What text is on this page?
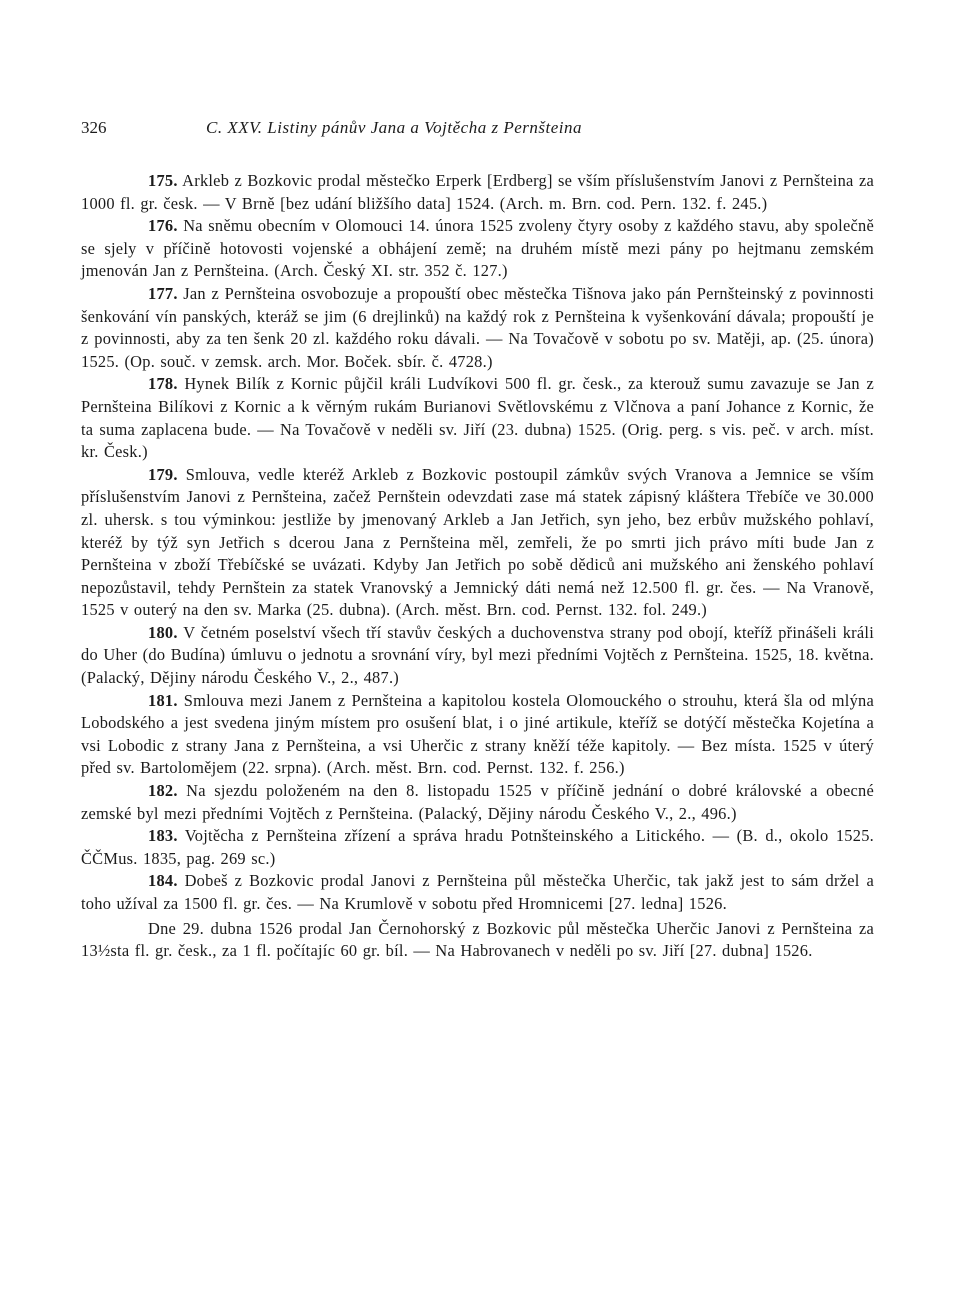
326	C. XXV. Listiny pánův Jana a Vojtěcha z Pernšteina

175. Arkleb z Bozkovic prodal městečko Erperk [Erdberg] se vším příslušenstvím Janovi z Pernšteina za 1000 fl. gr. česk. — V Brně [bez udání bližšího data] 1524. (Arch. m. Brn. cod. Pern. 132. f. 245.)

176. Na sněmu obecním v Olomouci 14. února 1525 zvoleny čtyry osoby z každého stavu, aby společně se sjely v příčině hotovosti vojenské a obhájení země; na druhém místě mezi pány po hejtmanu zemském jmenován Jan z Pernšteina. (Arch. Český XI. str. 352 č. 127.)

177. Jan z Pernšteina osvobozuje a propouští obec městečka Tišnova jako pán Pernšteinský z povinnosti šenkování vín panských, kteráž se jim (6 drejlinků) na každý rok z Pernšteina k vyšenkování dávala; propouští je z povinnosti, aby za ten šenk 20 zl. každého roku dávali. — Na Tovačově v sobotu po sv. Matěji, ap. (25. února) 1525. (Op. souč. v zemsk. arch. Mor. Boček. sbír. č. 4728.)

178. Hynek Bilík z Kornic půjčil králi Ludvíkovi 500 fl. gr. česk., za kterouž sumu zavazuje se Jan z Pernšteina Bilíkovi z Kornic a k věrným rukám Burianovi Světlovskému z Vlčnova a paní Johance z Kornic, že ta suma zaplacena bude. — Na Tovačově v neděli sv. Jiří (23. dubna) 1525. (Orig. perg. s vis. peč. v arch. míst. kr. Česk.)

179. Smlouva, vedle kteréž Arkleb z Bozkovic postoupil zámkův svých Vranova a Jemnice se vším příslušenstvím Janovi z Pernšteina, začež Pernštein odevzdati zase má statek zápisný kláštera Třebíče ve 30.000 zl. uhersk. s tou výminkou: jestliže by jmenovaný Arkleb a Jan Jetřich, syn jeho, bez erbův mužského pohlaví, kteréž by týž syn Jetřich s dcerou Jana z Pernšteina měl, zemřeli, že po smrti jich právo míti bude Jan z Pernšteina v zboží Třebíčské se uvázati. Kdyby Jan Jetřich po sobě dědiců ani mužského ani ženského pohlaví nepozůstavil, tehdy Pernštein za statek Vranovský a Jemnický dáti nemá než 12.500 fl. gr. čes. — Na Vranově, 1525 v outerý na den sv. Marka (25. dubna). (Arch. měst. Brn. cod. Pernst. 132. fol. 249.)

180. V četném poselství všech tří stavův českých a duchovenstva strany pod obojí, kteříž přinášeli králi do Uher (do Budína) úmluvu o jednotu a srovnání víry, byl mezi předními Vojtěch z Pernšteina. 1525, 18. května. (Palacký, Dějiny národu Českého V., 2., 487.)

181. Smlouva mezi Janem z Pernšteina a kapitolou kostela Olomouckého o strouhu, která šla od mlýna Lobodského a jest svedena jiným místem pro osušení blat, i o jiné artikule, kteříž se dotýčí městečka Kojetína a vsi Lobodic z strany Jana z Pernšteina, a vsi Uherčic z strany kněží téže kapitoly. — Bez místa. 1525 v úterý před sv. Bartolomějem (22. srpna). (Arch. měst. Brn. cod. Pernst. 132. f. 256.)

182. Na sjezdu položeném na den 8. listopadu 1525 v příčině jednání o dobré královské a obecné zemské byl mezi předními Vojtěch z Pernšteina. (Palacký, Dějiny národu Českého V., 2., 496.)

183. Vojtěcha z Pernšteina zřízení a správa hradu Potnšteinského a Litického. — (B. d., okolo 1525. ČČMus. 1835, pag. 269 sc.)

184. Dobeš z Bozkovic prodal Janovi z Pernšteina půl městečka Uherčic, tak jakž jest to sám držel a toho užíval za 1500 fl. gr. čes. — Na Krumlově v sobotu před Hromnicemi [27. ledna] 1526.

Dne 29. dubna 1526 prodal Jan Černohorský z Bozkovic půl městečka Uherčic Janovi z Pernšteina za 13½sta fl. gr. česk., za 1 fl. počítajíc 60 gr. bíl. — Na Habrovanech v neděli po sv. Jiří [27. dubna] 1526.
